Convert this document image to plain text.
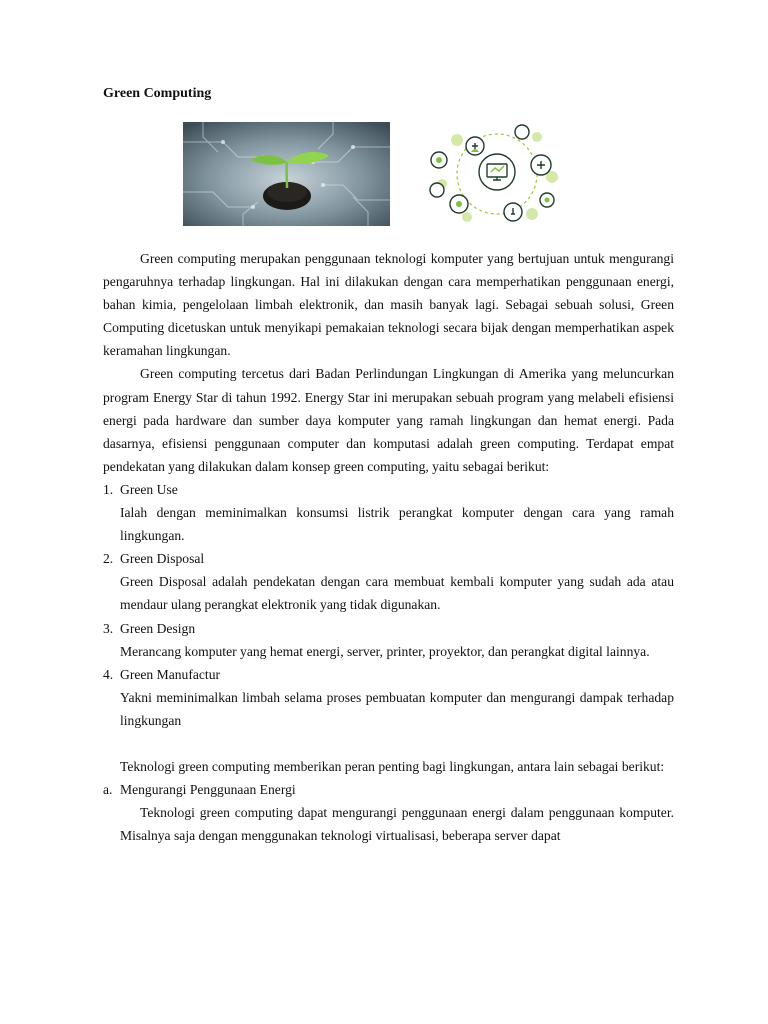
Green Computing

Green computing merupakan penggunaan teknologi komputer yang bertujuan untuk mengurangi pengaruhnya terhadap lingkungan. Hal ini dilakukan dengan cara memperhatikan penggunaan energi, bahan kimia, pengelolaan limbah elektronik, dan masih banyak lagi. Sebagai sebuah solusi, Green Computing dicetuskan untuk menyikapi pemakaian teknologi secara bijak dengan memperhatikan aspek keramahan lingkungan.

Green computing tercetus dari Badan Perlindungan Lingkungan di Amerika yang meluncurkan program Energy Star di tahun 1992. Energy Star ini merupakan sebuah program yang melabeli efisiensi energi pada hardware dan sumber daya komputer yang ramah lingkungan dan hemat energi. Pada dasarnya, efisiensi penggunaan computer dan komputasi adalah green computing. Terdapat empat pendekatan yang dilakukan dalam konsep green computing, yaitu sebagai berikut:

1. Green Use

Ialah dengan meminimalkan konsumsi listrik perangkat komputer dengan cara yang ramah lingkungan.

2. Green Disposal

Green Disposal adalah pendekatan dengan cara membuat kembali komputer yang sudah ada atau mendaur ulang perangkat elektronik yang tidak digunakan.

3. Green Design

Merancang komputer yang hemat energi, server, printer, proyektor, dan perangkat digital lainnya.

4. Green Manufactur

Yakni meminimalkan limbah selama proses pembuatan komputer dan mengurangi dampak terhadap lingkungan

Teknologi green computing memberikan peran penting bagi lingkungan, antara lain sebagai berikut:

a. Mengurangi Penggunaan Energi

Teknologi green computing dapat mengurangi penggunaan energi dalam penggunaan komputer. Misalnya saja dengan menggunakan teknologi virtualisasi, beberapa server dapat
